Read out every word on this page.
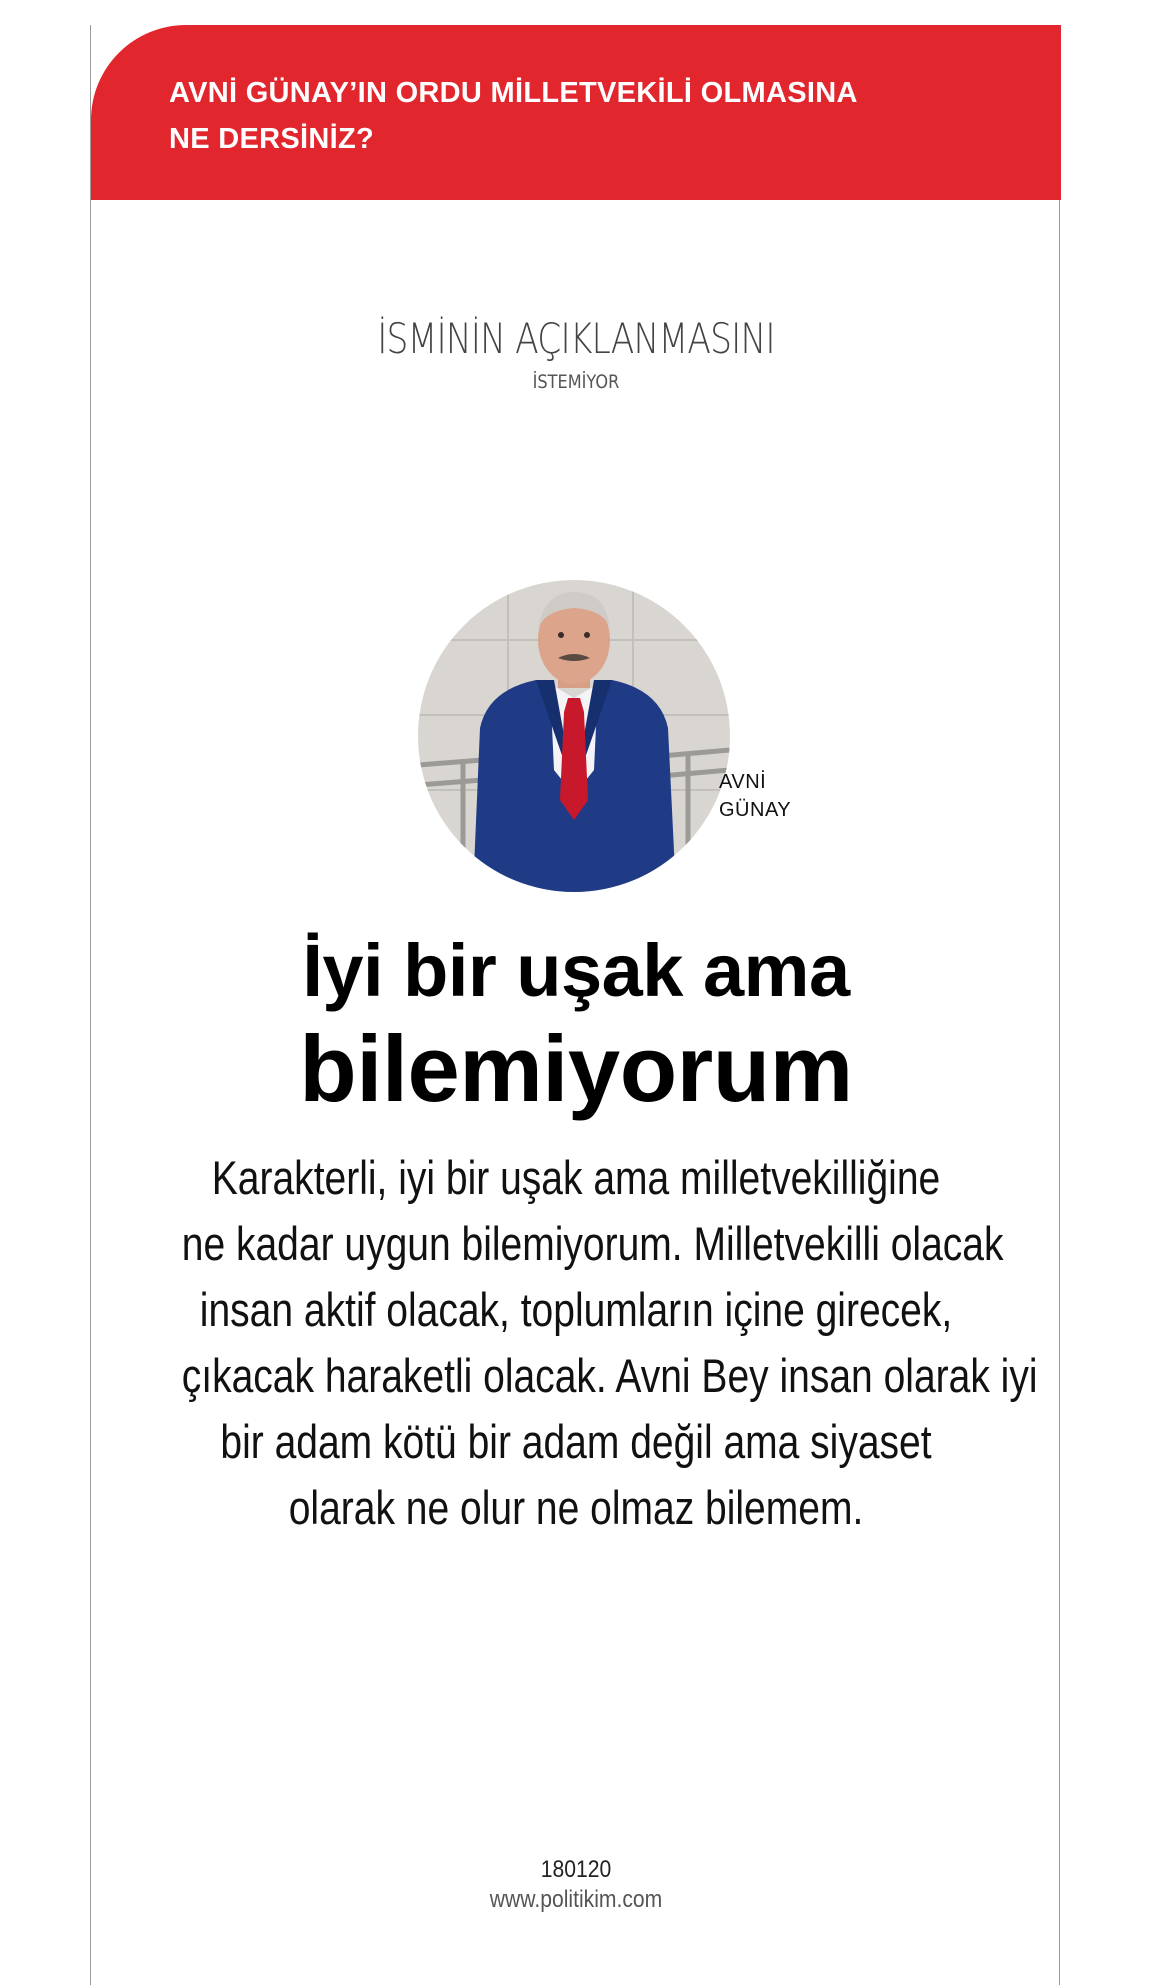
AVNİ GÜNAY’IN ORDU MİLLETVEKİLİ OLMASINA
NE DERSİNİZ?
İSMİNİN AÇIKLANMASINI
İSTEMİYOR
AVNİ
GÜNAY
İyi bir uşak ama
bilemiyorum
Karakterli, iyi bir uşak ama milletvekilliğine
ne kadar uygun bilemiyorum. Milletvekilli olacak
insan aktif olacak, toplumların içine girecek,
çıkacak haraketli olacak. Avni Bey insan olarak iyi
bir adam kötü bir adam değil ama siyaset
olarak ne olur ne olmaz bilemem.
180120
www.politikim.com
